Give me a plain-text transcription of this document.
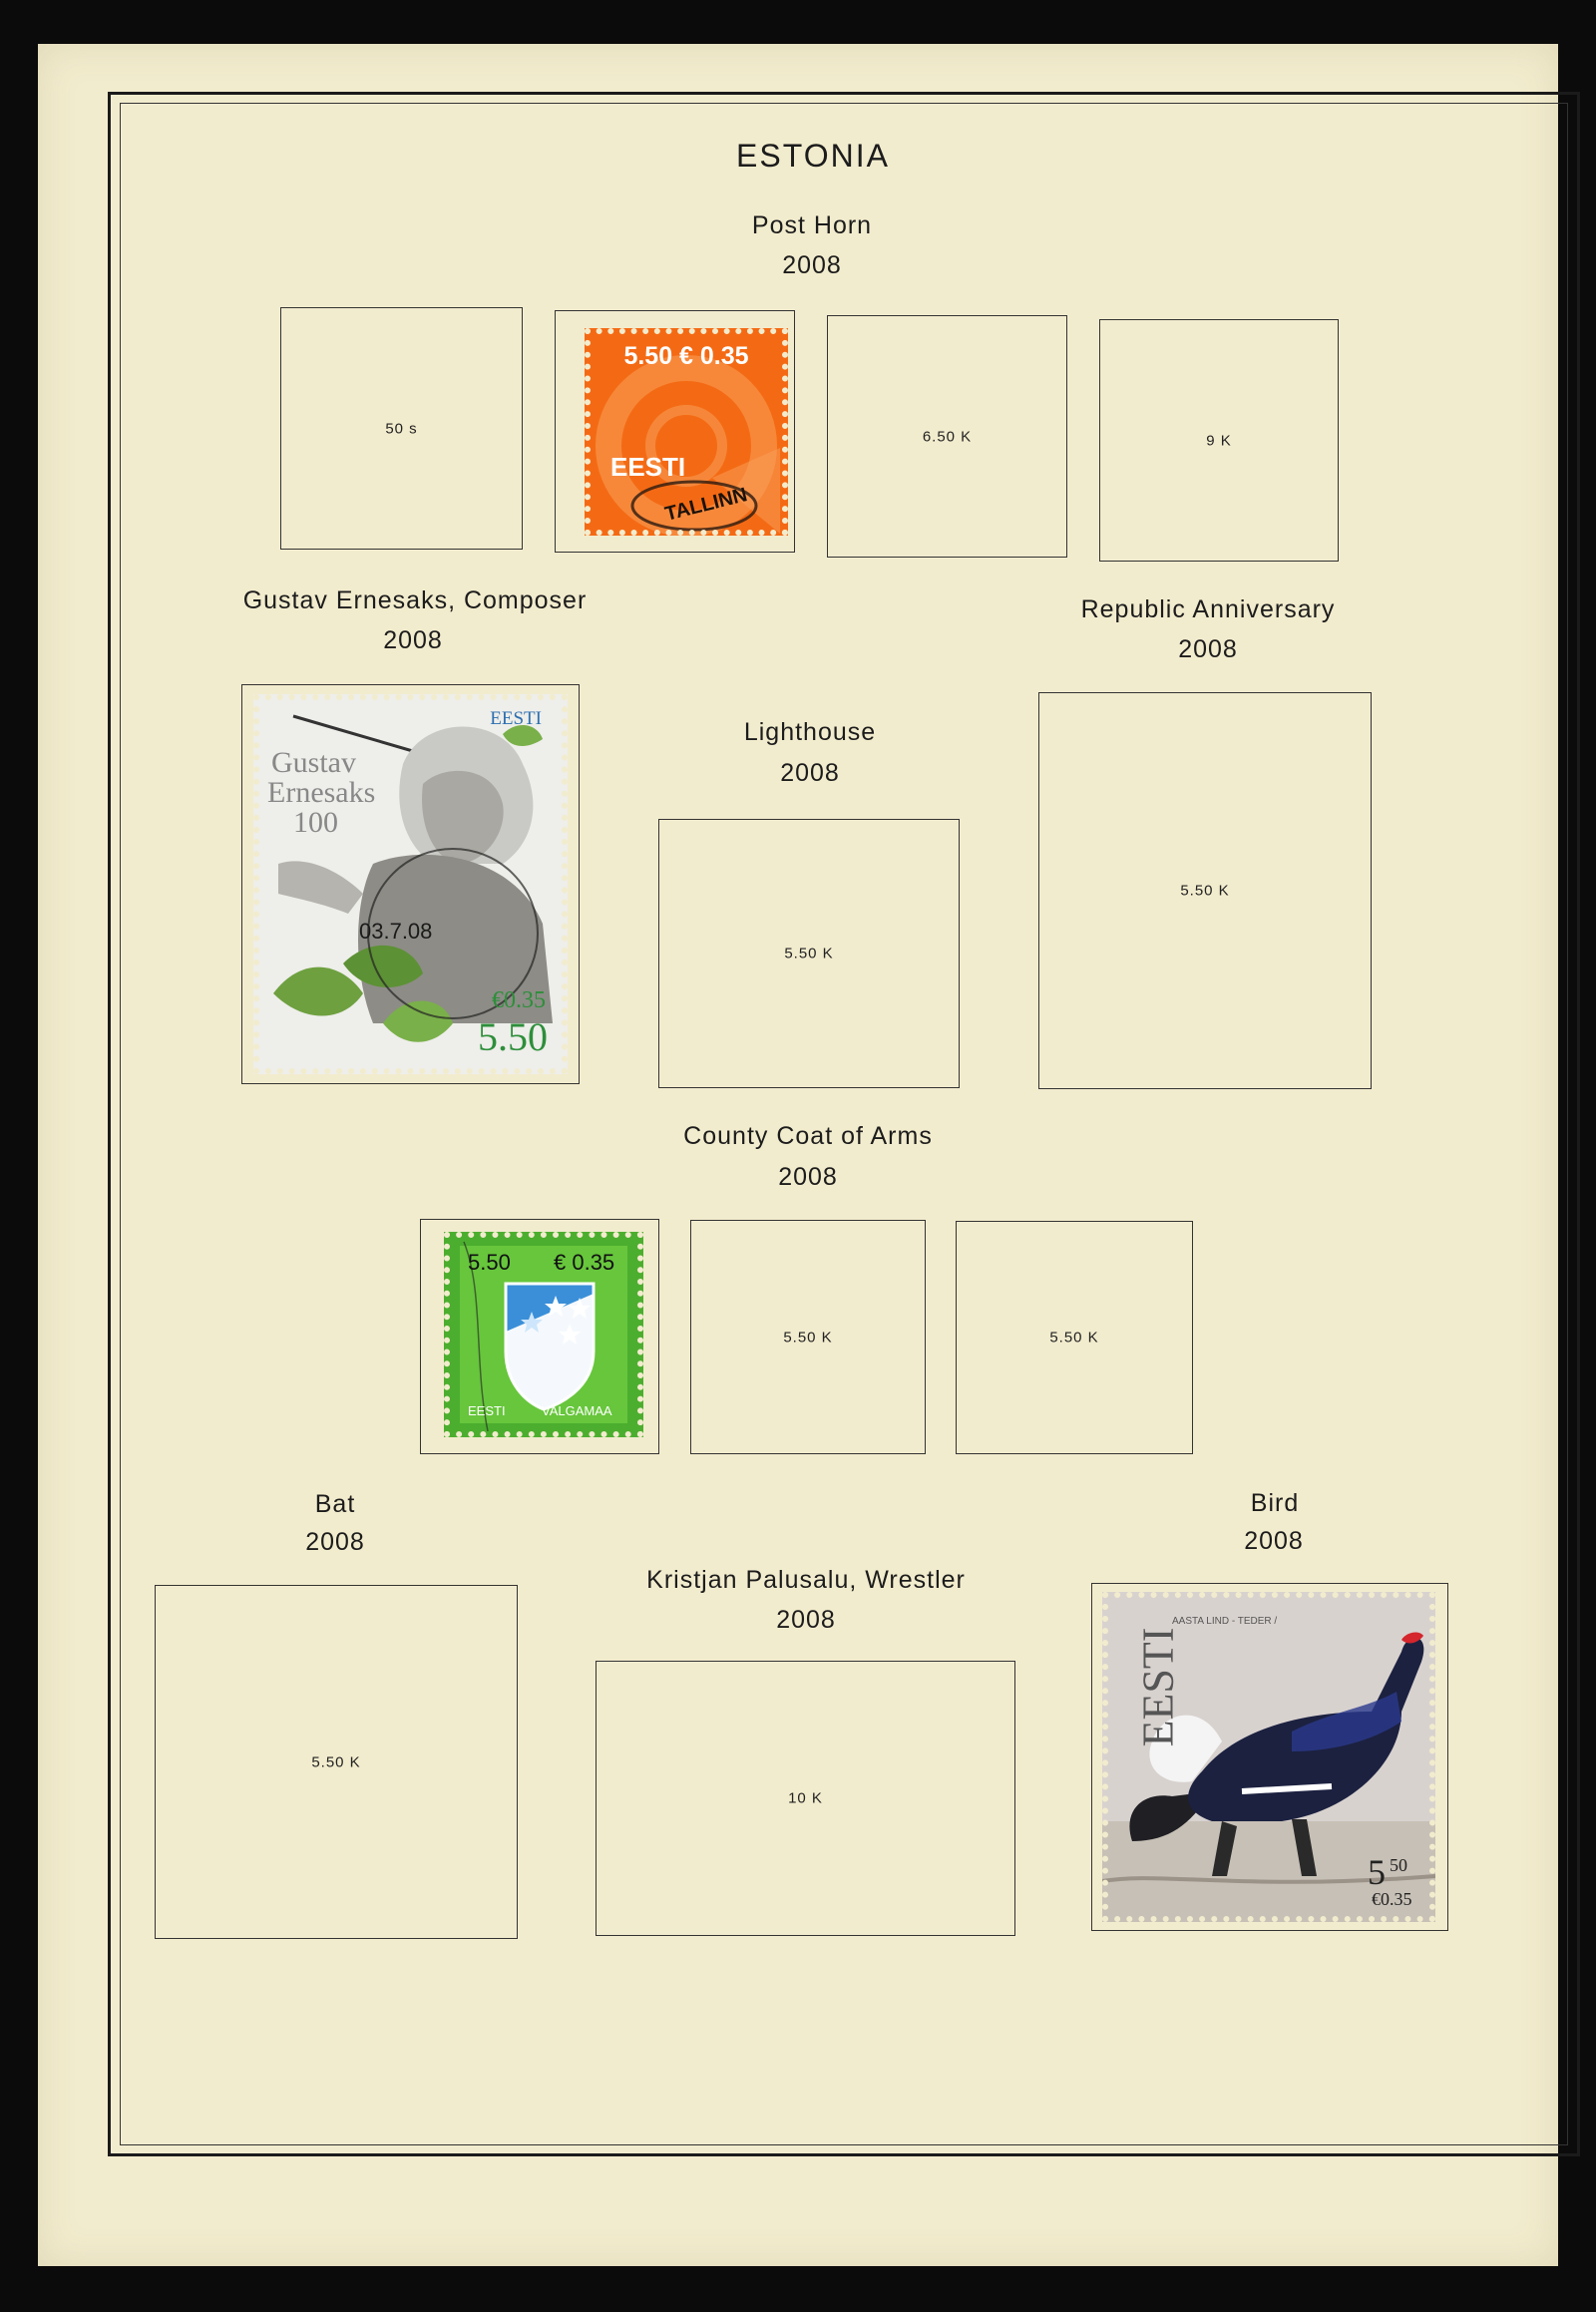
ESTONIA
Post Horn
2008
50 s
5.50 € 0.35
EESTI
TALLINN
6.50 K	9 K
Gustav Ernesaks, Composer
2008
EESTI
Gustav
Ernesaks
100
03.7.08
€0.35
5.50
Lighthouse
2008
5.50 K
Republic Anniversary
2008
5.50 K
County Coat of Arms
2008
5.50 € 0.35
EESTI	VALGAMAA
5.50 K	5.50 K
Bat
2008
5.50 K
Kristjan Palusalu, Wrestler
2008
10 K
Bird
2008
EESTI
AASTA LIND - TEDER /
5 50
€0.35
